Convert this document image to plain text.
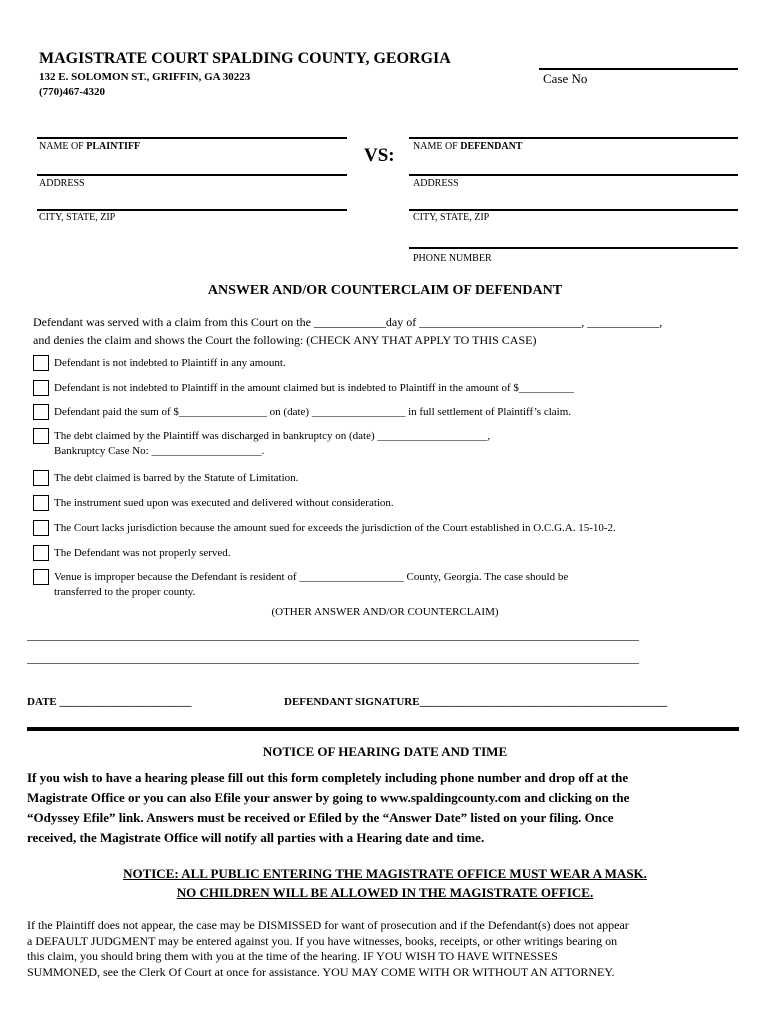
MAGISTRATE COURT SPALDING COUNTY, GEORGIA
132 E. SOLOMON ST., GRIFFIN, GA 30223
(770)467-4320
Case No
NAME OF PLAINTIFF
ADDRESS
CITY, STATE, ZIP
VS: NAME OF DEFENDANT
ADDRESS
CITY, STATE, ZIP
PHONE NUMBER
ANSWER AND/OR COUNTERCLAIM OF DEFENDANT
Defendant was served with a claim from this Court on the ____________day of ___________________________, ____________,
and denies the claim and shows the Court the following: (CHECK ANY THAT APPLY TO THIS CASE)
Defendant is not indebted to Plaintiff in any amount.
Defendant is not indebted to Plaintiff in the amount claimed but is indebted to Plaintiff in the amount of $__________
Defendant paid the sum of $________________ on (date) _________________ in full settlement of Plaintiff’s claim.
The debt claimed by the Plaintiff was discharged in bankruptcy on (date) ____________________,
Bankruptcy Case No: ____________________.
The debt claimed is barred by the Statute of Limitation.
The instrument sued upon was executed and delivered without consideration.
The Court lacks jurisdiction because the amount sued for exceeds the jurisdiction of the Court established in O.C.G.A. 15-10-2.
The Defendant was not properly served.
Venue is improper because the Defendant is resident of ___________________ County, Georgia. The case should be
transferred to the proper county.
(OTHER ANSWER AND/OR COUNTERCLAIM)
______________________________________________________________________________________________________
______________________________________________________________________________________________________
DATE ________________________	DEFENDANT SIGNATURE_____________________________________________
NOTICE OF HEARING DATE AND TIME
If you wish to have a hearing please fill out this form completely including phone number and drop off at the
Magistrate Office or you can also Efile your answer by going to www.spaldingcounty.com and clicking on the
“Odyssey Efile” link. Answers must be received or Efiled by the “Answer Date” listed on your filing. Once
received, the Magistrate Office will notify all parties with a Hearing date and time.
NOTICE: ALL PUBLIC ENTERING THE MAGISTRATE OFFICE MUST WEAR A MASK.
NO CHILDREN WILL BE ALLOWED IN THE MAGISTRATE OFFICE.
If the Plaintiff does not appear, the case may be DISMISSED for want of prosecution and if the Defendant(s) does not appear
a DEFAULT JUDGMENT may be entered against you. If you have witnesses, books, receipts, or other writings bearing on
this claim, you should bring them with you at the time of the hearing. IF YOU WISH TO HAVE WITNESSES
SUMMONED, see the Clerk Of Court at once for assistance. YOU MAY COME WITH OR WITHOUT AN ATTORNEY.
